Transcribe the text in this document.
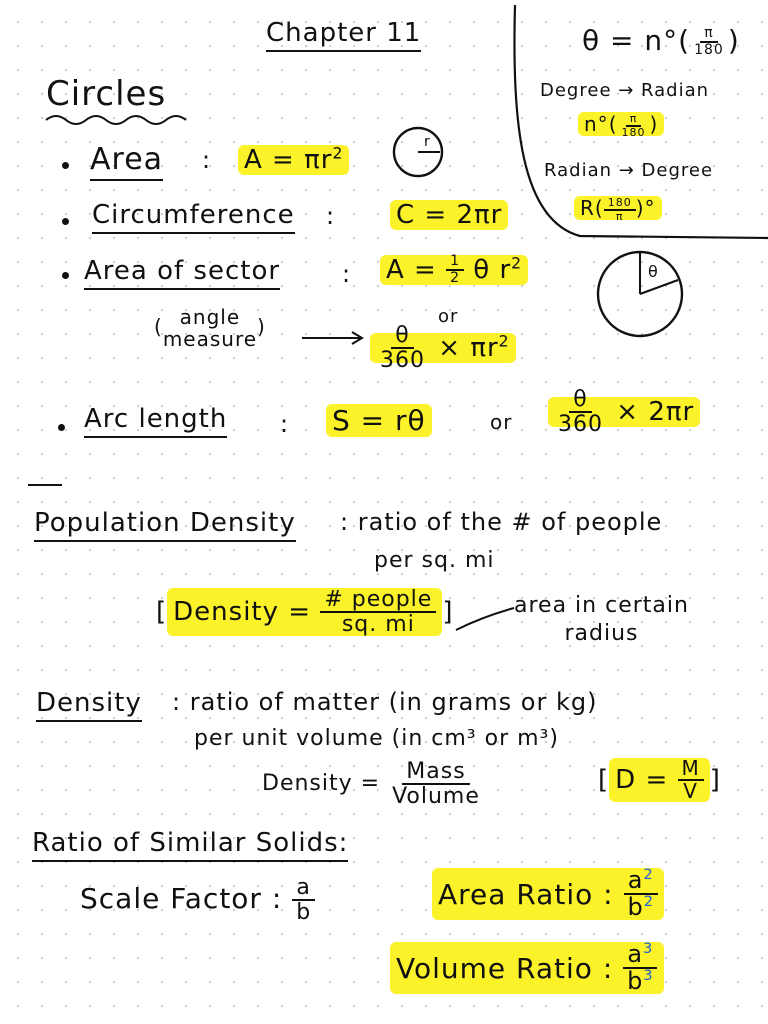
Chapter 11	$\theta = n^\circ( \frac{\pi}{180}$ )
Degree → Radian
$n^\circ( \frac{\pi}{180}$ )
Radian → Degree
$R( \frac{180}{\pi}$ )°
Circles
Area : $A = \pi r^2$
r
Circumference : C = 2πr
Area of sector	: $A = \frac{1}{2}$ θ $r^2$	θ
or
( angle
measure)	$\frac{\theta}{360} \times \pi r^2$
Arc length : S = rθ	or $\frac{\theta}{360} \times 2\pi r$
Population Density : ratio of the # of people
per sq. mi
[ Density =
$\frac{\text{\# people}}{sq. mi}$ ]	area in certain
radius
Density : ratio of matter (in grams or kg)
per unit volume (in cm³ or m³)
Density = $\frac{\text{Mass}}{\text{Volume}}$	[ D =
$\frac{M}{V}$ ]
Ratio of Similar Solids:
Scale Factor : $\frac{a}{b}$	Area Ratio :
$\frac{a^2}{b^2}$
Volume Ratio :
$\frac{a^3}{b^3}$
